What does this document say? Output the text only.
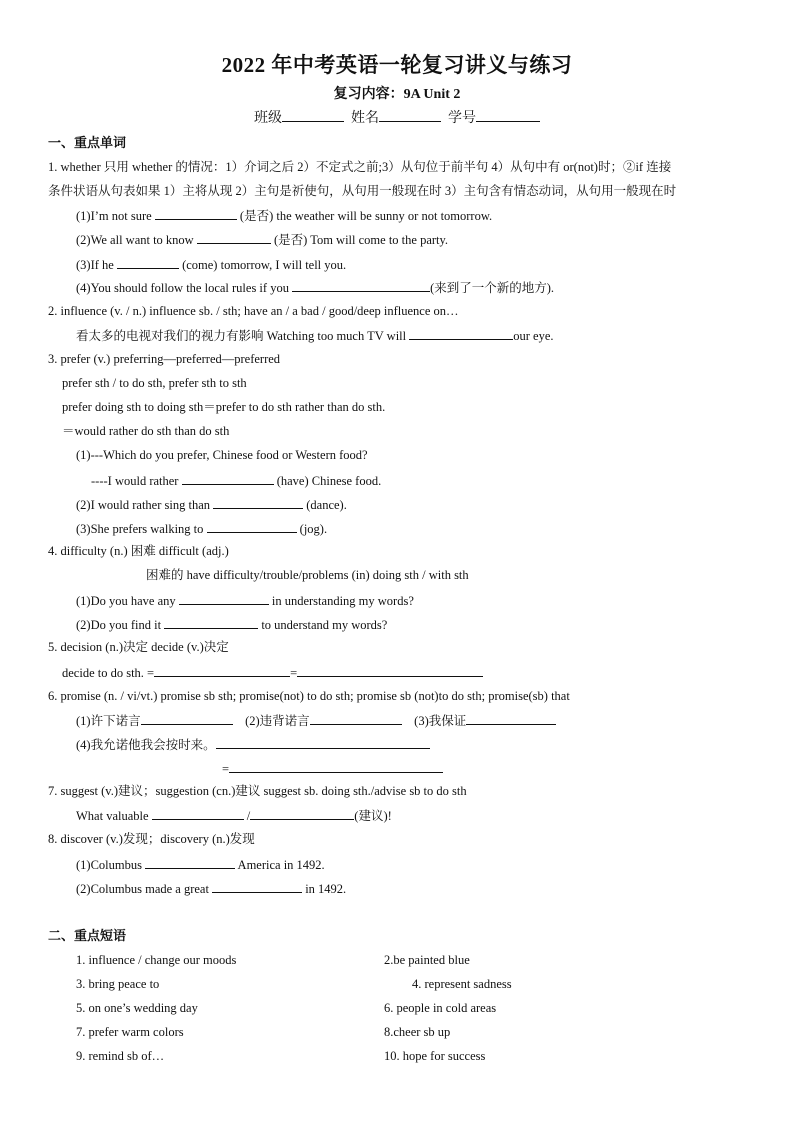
2022 年中考英语一轮复习讲义与练习
复习内容：9A Unit 2
班级	姓名	学号
一、重点单词
1. whether 只用 whether 的情况：1）介词之后 2）不定式之前;3）从句位于前半句 4）从句中有 or(not)时；②if 连接
条件状语从句表如果 1）主将从现 2）主句是祈使句，从句用一般现在时 3）主句含有情态动词，从句用一般现在时
(1)I’m not sure	(是否) the weather will be sunny or not tomorrow.
(2)We all want to know	(是否) Tom will come to the party.
(3)If he	(come) tomorrow, I will tell you.
(4)You should follow the local rules if you	(来到了一个新的地方).
2. influence (v. / n.) influence sb. / sth; have an / a bad / good/deep influence on…
看太多的电视对我们的视力有影响 Watching too much TV will	our eye.
3. prefer (v.) preferring—preferred—preferred
prefer sth / to do sth, prefer sth to sth
prefer doing sth to doing sth＝prefer to do sth rather than do sth.
＝would rather do sth than do sth
(1)---Which do you prefer, Chinese food or Western food?
----I would rather	(have) Chinese food.
(2)I would rather sing than	(dance).
(3)She prefers walking to	(jog).
4. difficulty (n.) 困难 difficult (adj.)
困难的 have difficulty/trouble/problems (in) doing sth / with sth
(1)Do you have any	in understanding my words?
(2)Do you find it	to understand my words?
5. decision (n.)决定 decide (v.)决定
decide to do sth. =	=
6. promise (n. / vi/vt.) promise sb sth; promise(not) to do sth; promise sb (not)to do sth; promise(sb) that
(1)许下诺言	(2)违背诺言	(3)我保证
(4)我允诺他我会按时来。
=
7. suggest (v.)建议；suggestion (cn.)建议 suggest sb. doing sth./advise sb to do sth
What valuable	/	(建议)!
8. discover (v.)发现；discovery (n.)发现
(1)Columbus	America in 1492.
(2)Columbus made a great	in 1492.
二、重点短语
1. influence / change our moods	2.be painted blue
3. bring peace to	4. represent sadness
5. on one’s wedding day	6. people in cold areas
7. prefer warm colors	8.cheer sb up
9. remind sb of…	10. hope for success
